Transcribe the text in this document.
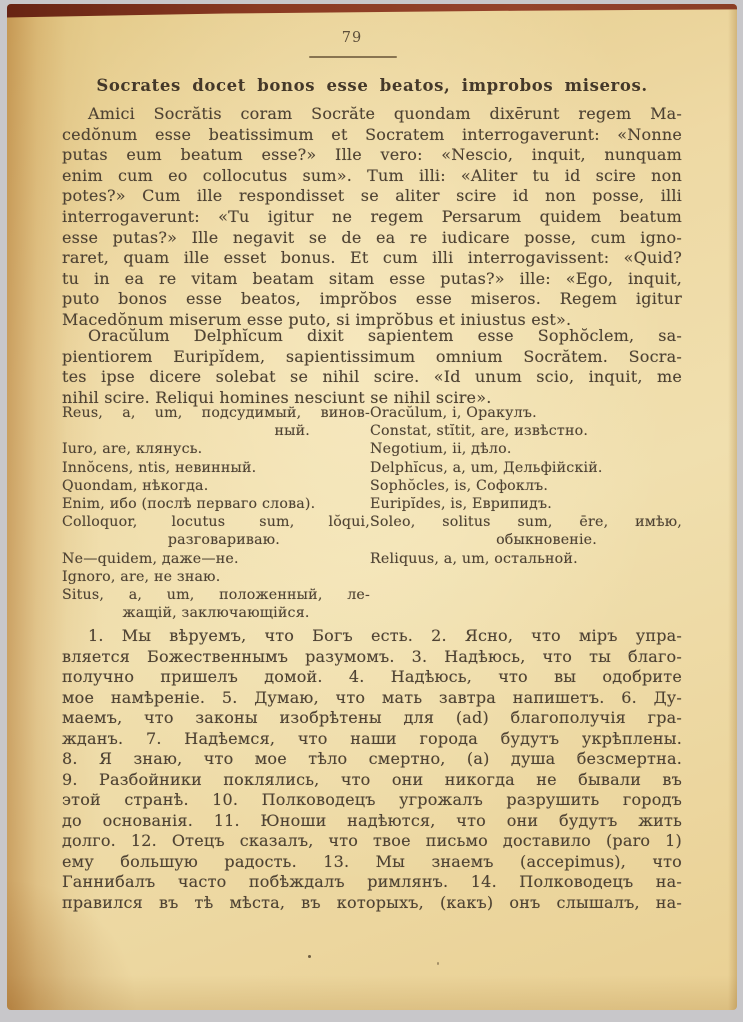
79
Socrates docet bonos esse beatos, improbos miseros.
Amici Socrătis coram Socrăte quondam dixērunt regem Ma-
cedŏnum esse beatissimum et Socratem interrogaverunt: «Nonne
putas eum beatum esse?» Ille vero: «Nescio, inquit, nunquam
enim cum eo collocutus sum». Tum illi: «Aliter tu id scire non
potes?» Cum ille respondisset se aliter scire id non posse, illi
interrogaverunt: «Tu igitur ne regem Persarum quidem beatum
esse putas?» Ille negavit se de ea re iudicare posse, cum igno-
raret, quam ille esset bonus. Et cum illi interrogavissent: «Quid?
tu in ea re vitam beatam sitam esse putas?» ille: «Ego, inquit,
puto bonos esse beatos, imprŏbos esse miseros. Regem igitur
Macedŏnum miserum esse puto, si imprŏbus et iniustus est».
Oracŭlum Delphĭcum dixit sapientem esse Sophŏclem, sa-
pientiorem Euripĭdem, sapientissimum omnium Socrătem. Socra-
tes ipse dicere solebat se nihil scire. «Id unum scio, inquit, me
nihil scire. Reliqui homines nesciunt se nihil scire».
Reus, a, um, подсудимый, винов-
ный.
Iuro, are, клянусь.
Innŏcens, ntis, невинный.
Quondam, нѣкогда.
Enim, ибо (послѣ перваго слова).
Colloquor, locutus sum, lŏqui,
разговариваю.
Ne—quidem, даже—не.
Ignoro, are, не знаю.
Situs, a, um, положенный, ле-
жащій, заключающійся.
Oracŭlum, i, Оракулъ.
Constat, stĭtit, are, извѣстно.
Negotium, ii, дѣло.
Delphĭcus, a, um, Дельфійскій.
Sophŏcles, is, Софоклъ.
Euripĭdes, is, Еврипидъ.
Soleo, solitus sum, ēre, имѣю,
обыкновеніе.
Reliquus, a, um, остальной.
1. Мы вѣруемъ, что Богъ есть. 2. Ясно, что міръ упра-
вляется Божественнымъ разумомъ. 3. Надѣюсь, что ты благо-
получно пришелъ домой. 4. Надѣюсь, что вы одобрите
мое намѣреніе. 5. Думаю, что мать завтра напишетъ. 6. Ду-
маемъ, что законы изобрѣтены для (ad) благополучія гра-
жданъ. 7. Надѣемся, что наши города будутъ укрѣплены.
8. Я знаю, что мое тѣло смертно, (а) душа безсмертна.
9. Разбойники поклялись, что они никогда не бывали въ
этой странѣ. 10. Полководецъ угрожалъ разрушить городъ
до основанія. 11. Юноши надѣются, что они будутъ жить
долго. 12. Отецъ сказалъ, что твое письмо доставило (paro 1)
ему большую радость. 13. Мы знаемъ (accepimus), что
Ганнибалъ часто побѣждалъ римлянъ. 14. Полководецъ на-
правился въ тѣ мѣста, въ которыхъ, (какъ) онъ слышалъ, на-
